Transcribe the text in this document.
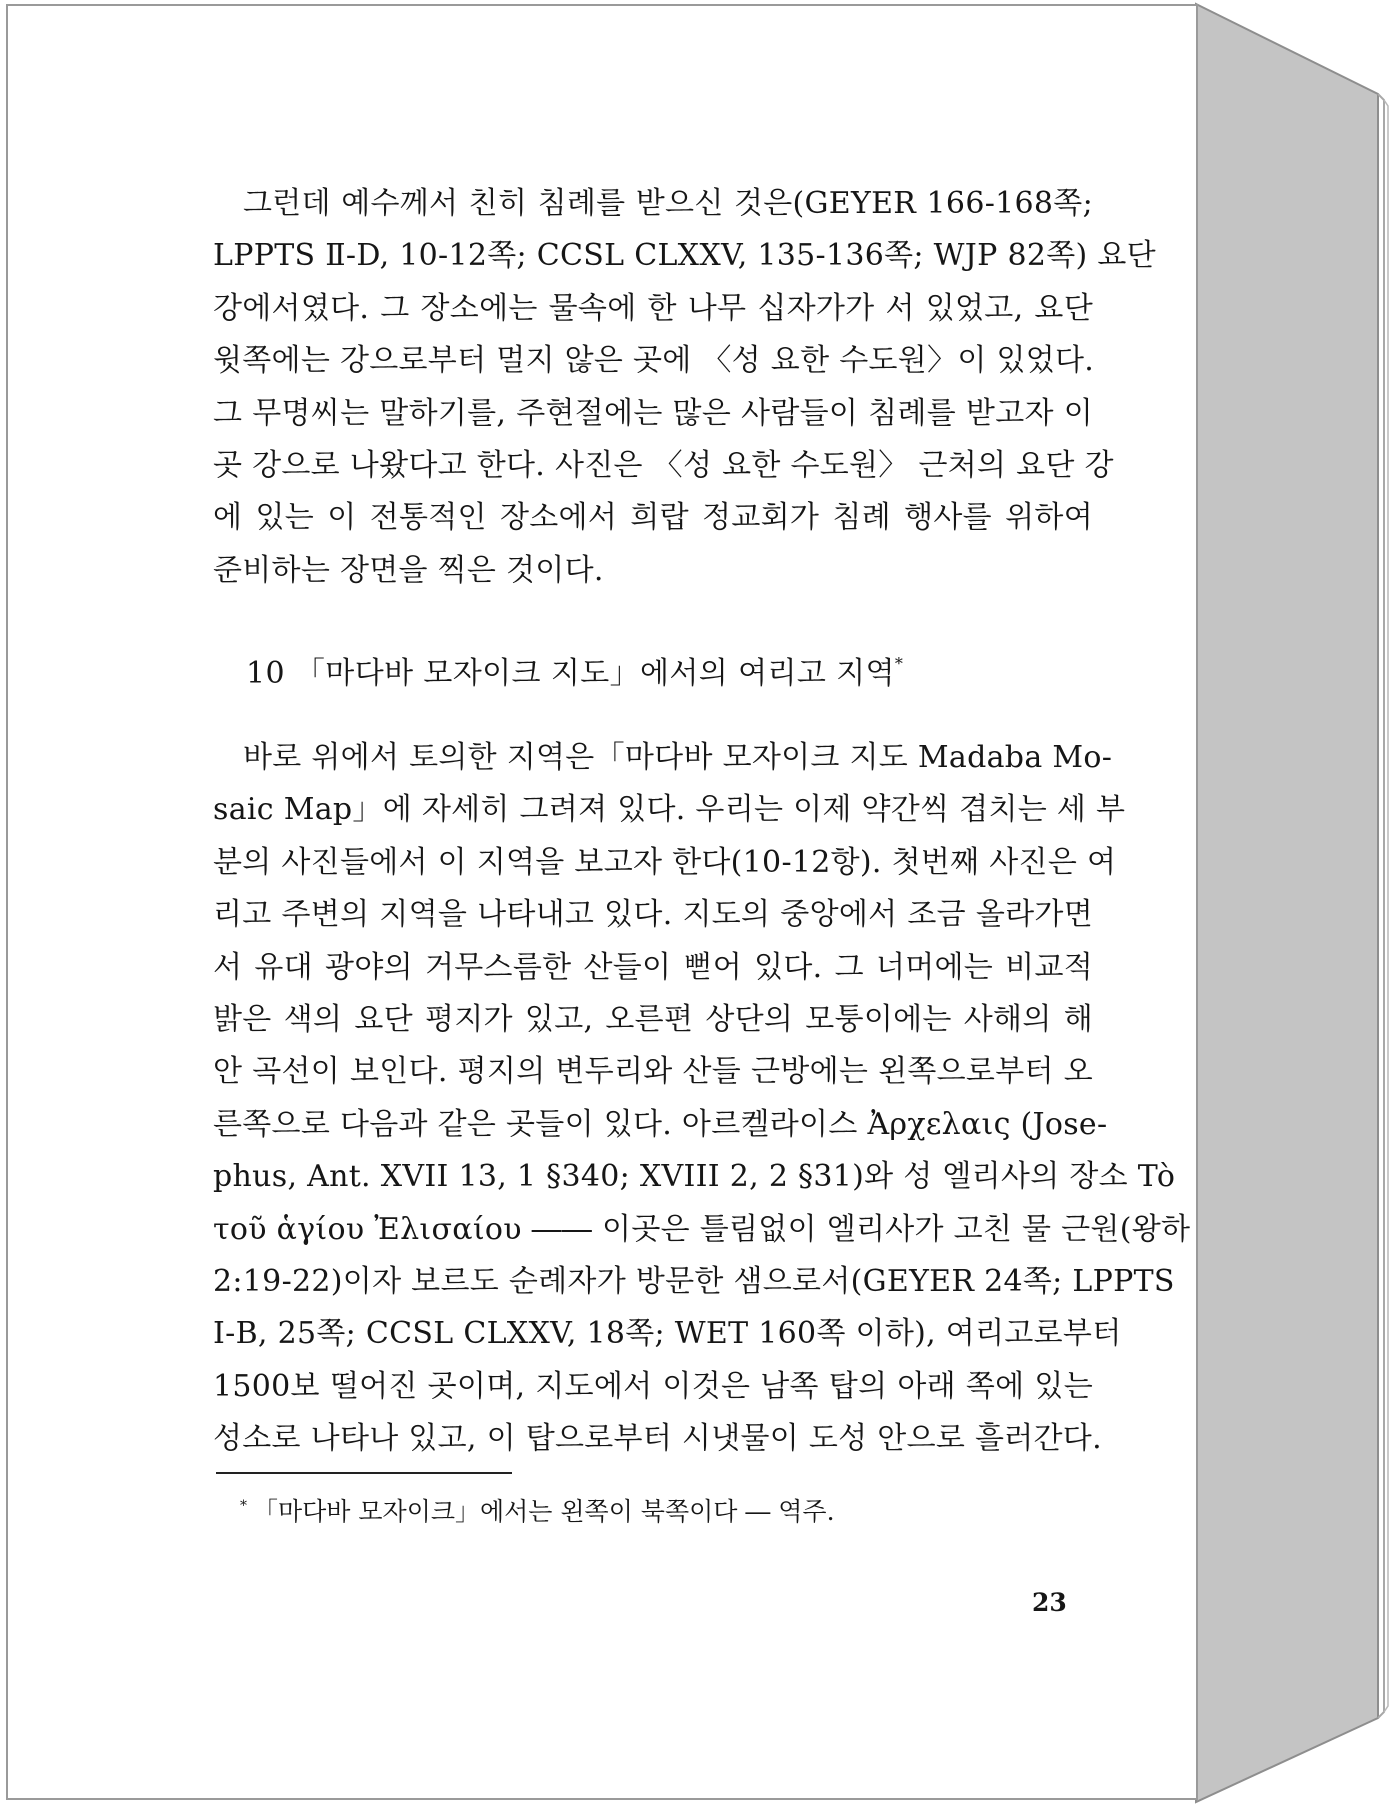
그런데 예수께서 친히 침례를 받으신 것은(GEYER 166-168쪽;
LPPTS Ⅱ-D, 10-12쪽; CCSL CLXXV, 135-136쪽; WJP 82쪽) 요단
강에서였다. 그 장소에는 물속에 한 나무 십자가가 서 있었고, 요단
윗쪽에는 강으로부터 멀지 않은 곳에 〈성 요한 수도원〉이 있었다.
그 무명씨는 말하기를, 주현절에는 많은 사람들이 침례를 받고자 이
곳 강으로 나왔다고 한다. 사진은 〈성 요한 수도원〉 근처의 요단 강
에 있는 이 전통적인 장소에서 희랍 정교회가 침례 행사를 위하여
준비하는 장면을 찍은 것이다.
10 「마다바 모자이크 지도」에서의 여리고 지역*
바로 위에서 토의한 지역은「마다바 모자이크 지도 Madaba Mo-
saic Map」에 자세히 그려져 있다. 우리는 이제 약간씩 겹치는 세 부
분의 사진들에서 이 지역을 보고자 한다(10-12항). 첫번째 사진은 여
리고 주변의 지역을 나타내고 있다. 지도의 중앙에서 조금 올라가면
서 유대 광야의 거무스름한 산들이 뻗어 있다. 그 너머에는 비교적
밝은 색의 요단 평지가 있고, 오른편 상단의 모퉁이에는 사해의 해
안 곡선이 보인다. 평지의 변두리와 산들 근방에는 왼쪽으로부터 오
른쪽으로 다음과 같은 곳들이 있다. 아르켈라이스 Ἀρχελαις (Jose-
phus, Ant. XVII 13, 1 §340; XVIII 2, 2 §31)와 성 엘리사의 장소 Tò
τοῦ ἁγίου Ἐλισαίου ―― 이곳은 틀림없이 엘리사가 고친 물 근원(왕하
2:19-22)이자 보르도 순례자가 방문한 샘으로서(GEYER 24쪽; LPPTS
I-B, 25쪽; CCSL CLXXV, 18쪽; WET 160쪽 이하), 여리고로부터
1500보 떨어진 곳이며, 지도에서 이것은 남쪽 탑의 아래 쪽에 있는
성소로 나타나 있고, 이 탑으로부터 시냇물이 도성 안으로 흘러간다.
* 「마다바 모자이크」에서는 왼쪽이 북쪽이다 ― 역주.
23
